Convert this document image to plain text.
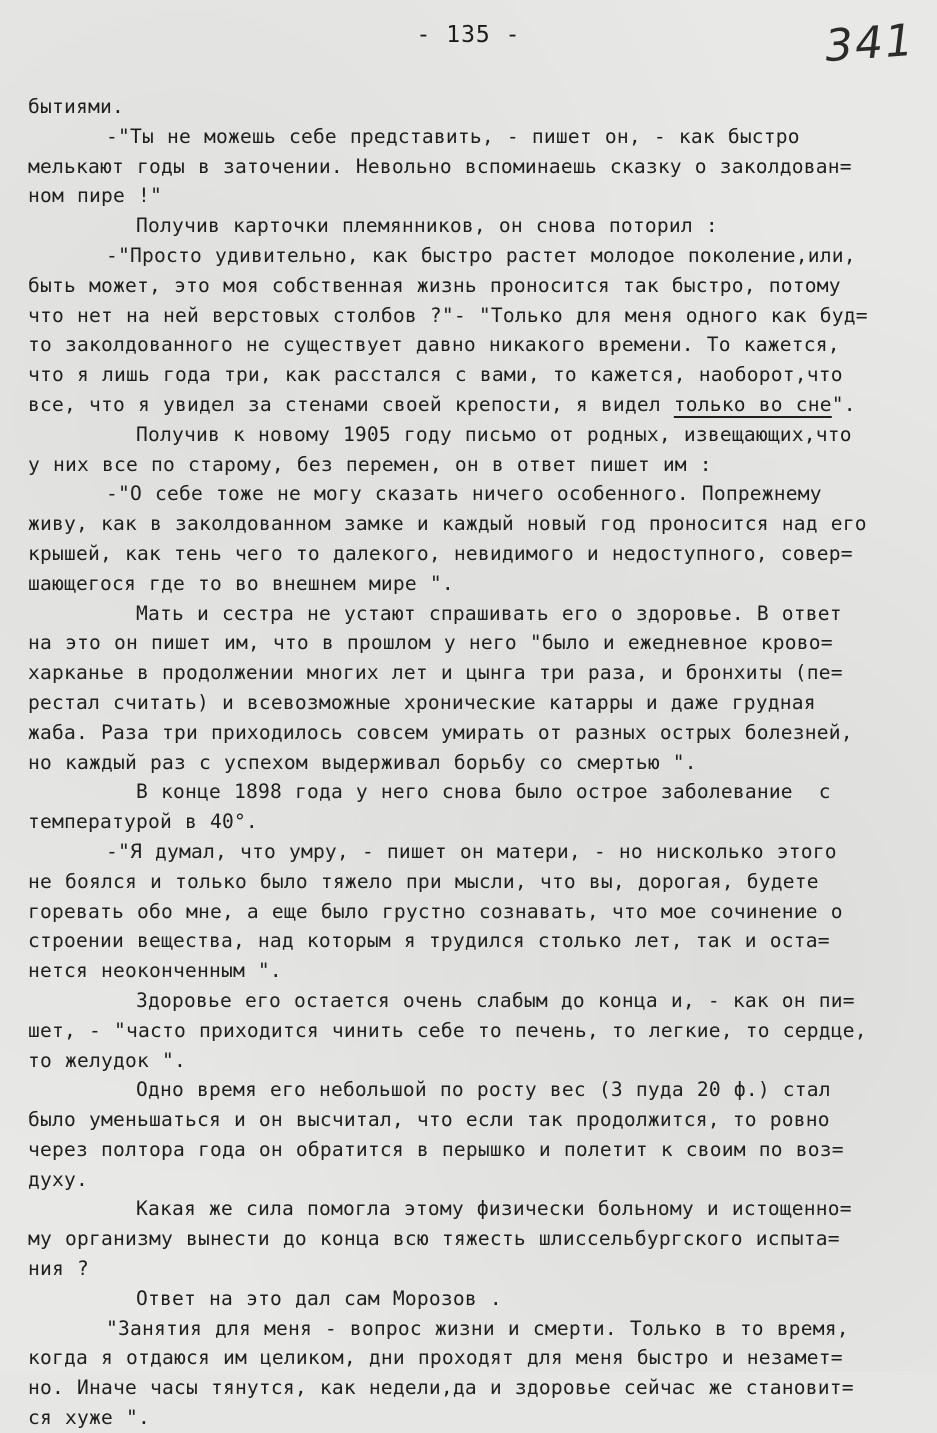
- 135 -	341
бытиями.
-"Ты не можешь себе представить, - пишет он, - как быстро
мелькают годы в заточении. Невольно вспоминаешь сказку о заколдован=
ном пире !"
Получив карточки племянников, он снова поторил :
-"Просто удивительно, как быстро растет молодое поколение,или,
быть может, это моя собственная жизнь проносится так быстро, потому
что нет на ней верстовых столбов ?"- "Только для меня одного как буд=
то заколдованного не существует давно никакого времени. То кажется,
что я лишь года три, как расстался с вами, то кажется, наоборот,что
все, что я увидел за стенами своей крепости, я видел только во сне".
Получив к новому 1905 году письмо от родных, извещающих,что
у них все по старому, без перемен, он в ответ пишет им :
-"О себе тоже не могу сказать ничего особенного. Попрежнему
живу, как в заколдованном замке и каждый новый год проносится над его
крышей, как тень чего то далекого, невидимого и недоступного, совер=
шающегося где то во внешнем мире ".
Мать и сестра не устают спрашивать его о здоровье. В ответ
на это он пишет им, что в прошлом у него "было и ежедневное крово=
харканье в продолжении многих лет и цынга три раза, и бронхиты (пе=
рестал считать) и всевозможные хронические катарры и даже грудная
жаба. Раза три приходилось совсем умирать от разных острых болезней,
но каждый раз с успехом выдерживал борьбу со смертью ".
В конце 1898 года у него снова было острое заболевание  с
температурой в 40°.
-"Я думал, что умру, - пишет он матери, - но нисколько этого
не боялся и только было тяжело при мысли, что вы, дорогая, будете
горевать обо мне, а еще было грустно сознавать, что мое сочинение о
строении вещества, над которым я трудился столько лет, так и оста=
нется неоконченным ".
Здоровье его остается очень слабым до конца и, - как он пи=
шет, - "часто приходится чинить себе то печень, то легкие, то сердце,
то желудок ".
Одно время его небольшой по росту вес (3 пуда 20 ф.) стал
было уменьшаться и он высчитал, что если так продолжится, то ровно
через полтора года он обратится в перышко и полетит к своим по воз=
духу.
Какая же сила помогла этому физически больному и истощенно=
му организму вынести до конца всю тяжесть шлиссельбургского испыта=
ния ?
Ответ на это дал сам Морозов .
"Занятия для меня - вопрос жизни и смерти. Только в то время,
когда я отдаюся им целиком, дни проходят для меня быстро и незамет=
но. Иначе часы тянутся, как недели,да и здоровье сейчас же становит=
ся хуже ".
